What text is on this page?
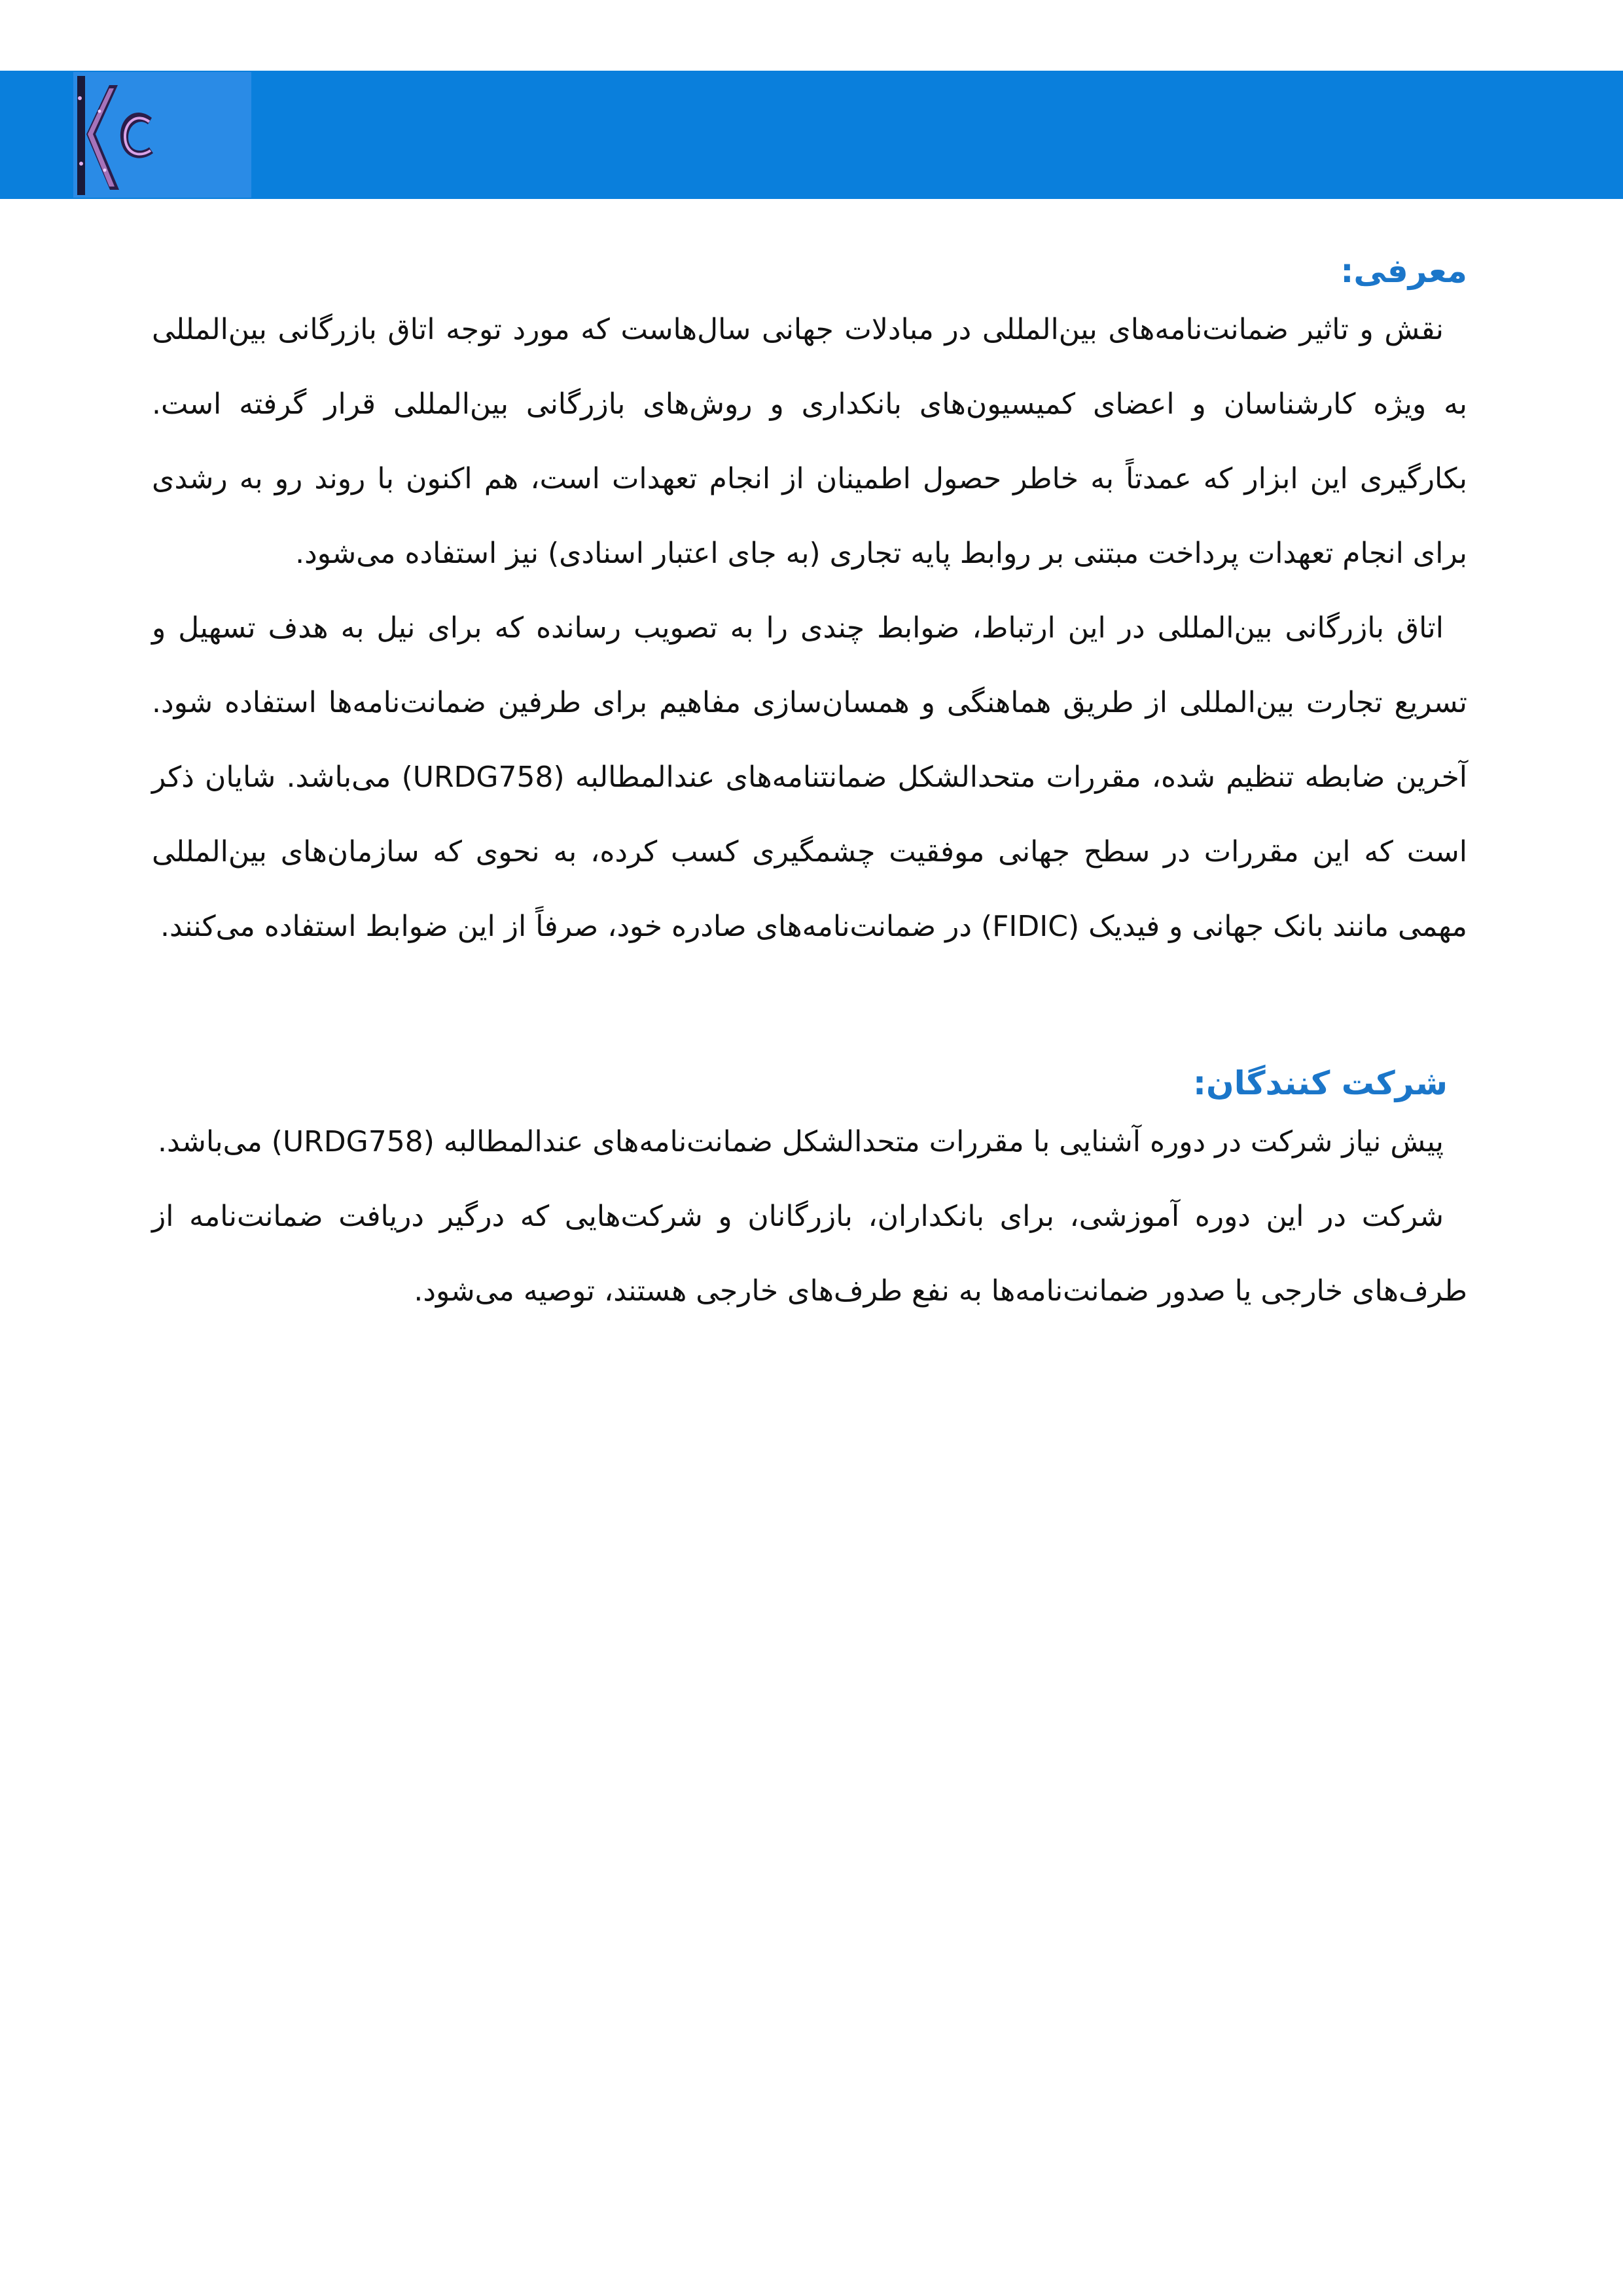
معرفی:

نقش و تاثیر ضمانت‌نامه‌های بین‌المللی در مبادلات جهانی سال‌هاست که مورد توجه اتاق بازرگانی بین‌المللی به ویژه کارشناسان و اعضای کمیسیون‌های بانکداری و روش‌های بازرگانی بین‌المللی قرار گرفته است. بکارگیری این ابزار که عمدتاً به خاطر حصول اطمینان از انجام تعهدات است، هم اکنون با روند رو به رشدی برای انجام تعهدات پرداخت مبتنی بر روابط پایه تجاری (به جای اعتبار اسنادی) نیز استفاده می‌شود.

اتاق بازرگانی بین‌المللی در این ارتباط، ضوابط چندی را به تصویب رسانده که برای نیل به هدف تسهیل و تسریع تجارت بین‌المللی از طریق هماهنگی و همسان‌سازی مفاهیم برای طرفین ضمانت‌نامه‌ها استفاده شود. آخرین ضابطه تنظیم شده، مقررات متحدالشکل ضمانتنامه‌های عندالمطالبه (URDG758) می‌باشد. شایان ذکر است که این مقررات در سطح جهانی موفقیت چشمگیری کسب کرده، به نحوی که سازمان‌های بین‌المللی مهمی مانند بانک جهانی و فیدیک (FIDIC) در ضمانت‌نامه‌های صادره خود، صرفاً از این ضوابط استفاده می‌کنند.

شرکت کنندگان:

پیش نیاز شرکت در دوره آشنایی با مقررات متحدالشکل ضمانت‌نامه‌های عندالمطالبه (URDG758) می‌باشد.

شرکت در این دوره آموزشی، برای بانکداران، بازرگانان و شرکت‌هایی که درگیر دریافت ضمانت‌نامه از طرف‌های خارجی یا صدور ضمانت‌نامه‌ها به نفع طرف‌های خارجی هستند، توصیه می‌شود.
